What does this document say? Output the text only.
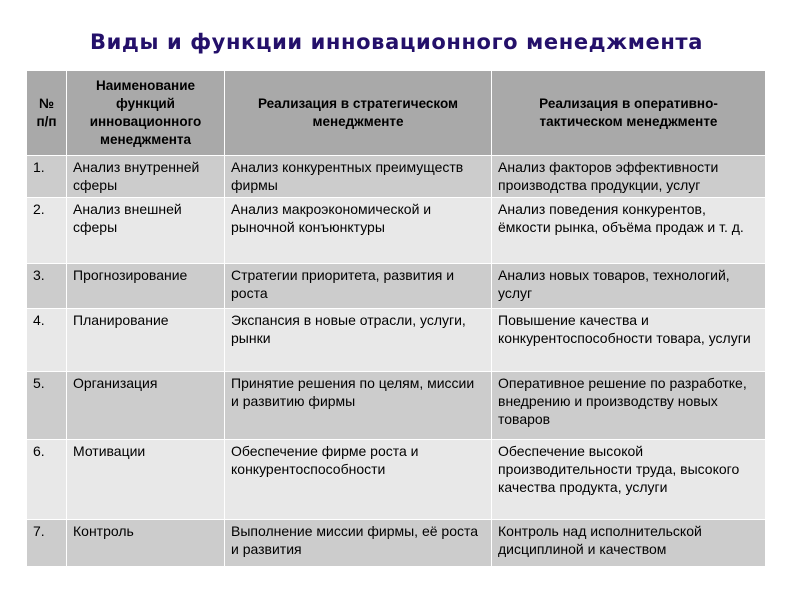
Виды и функции инновационного менеджмента
№ п/п	Наименование функций инновационного менеджмента	Реализация в стратегическом менеджменте	Реализация в оперативно-тактическом менеджменте
1.	Анализ внутренней сферы	Анализ конкурентных преимуществ фирмы	Анализ факторов эффективности производства продукции, услуг
2.	Анализ внешней сферы	Анализ макроэкономической и рыночной конъюнктуры	Анализ поведения конкурентов, ёмкости рынка, объёма продаж и т. д.
3.	Прогнозирование	Стратегии приоритета, развития и роста	Анализ новых товаров, технологий, услуг
4.	Планирование	Экспансия в новые отрасли, услуги, рынки	Повышение качества и конкурентоспособности товара, услуги
5.	Организация	Принятие решения по целям, миссии и развитию фирмы	Оперативное решение по разработке, внедрению и производству новых товаров
6.	Мотивации	Обеспечение фирме роста и конкурентоспособности	Обеспечение высокой производительности труда, высокого качества продукта, услуги
7.	Контроль	Выполнение миссии фирмы, её роста и развития	Контроль над исполнительской дисциплиной и качеством
